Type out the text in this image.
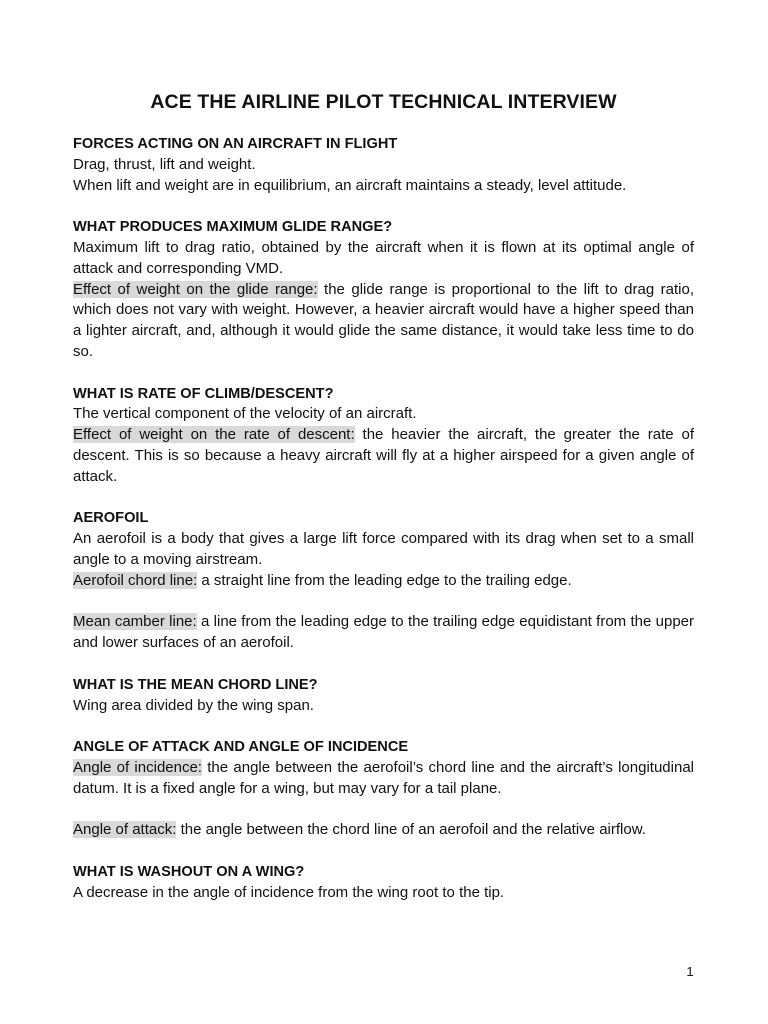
ACE THE AIRLINE PILOT TECHNICAL INTERVIEW

FORCES ACTING ON AN AIRCRAFT IN FLIGHT

Drag, thrust, lift and weight.

When lift and weight are in equilibrium, an aircraft maintains a steady, level attitude.

WHAT PRODUCES MAXIMUM GLIDE RANGE?

Maximum lift to drag ratio, obtained by the aircraft when it is flown at its optimal angle of attack and corresponding VMD.

Effect of weight on the glide range: the glide range is proportional to the lift to drag ratio, which does not vary with weight. However, a heavier aircraft would have a higher speed than a lighter aircraft, and, although it would glide the same distance, it would take less time to do so.

WHAT IS RATE OF CLIMB/DESCENT?

The vertical component of the velocity of an aircraft.

Effect of weight on the rate of descent: the heavier the aircraft, the greater the rate of descent. This is so because a heavy aircraft will fly at a higher airspeed for a given angle of attack.

AEROFOIL

An aerofoil is a body that gives a large lift force compared with its drag when set to a small angle to a moving airstream.

Aerofoil chord line: a straight line from the leading edge to the trailing edge.

Mean camber line: a line from the leading edge to the trailing edge equidistant from the upper and lower surfaces of an aerofoil.

WHAT IS THE MEAN CHORD LINE?

Wing area divided by the wing span.

ANGLE OF ATTACK AND ANGLE OF INCIDENCE

Angle of incidence: the angle between the aerofoil’s chord line and the aircraft’s longitudinal datum. It is a fixed angle for a wing, but may vary for a tail plane.

Angle of attack: the angle between the chord line of an aerofoil and the relative airflow.

WHAT IS WASHOUT ON A WING?

A decrease in the angle of incidence from the wing root to the tip.

1
